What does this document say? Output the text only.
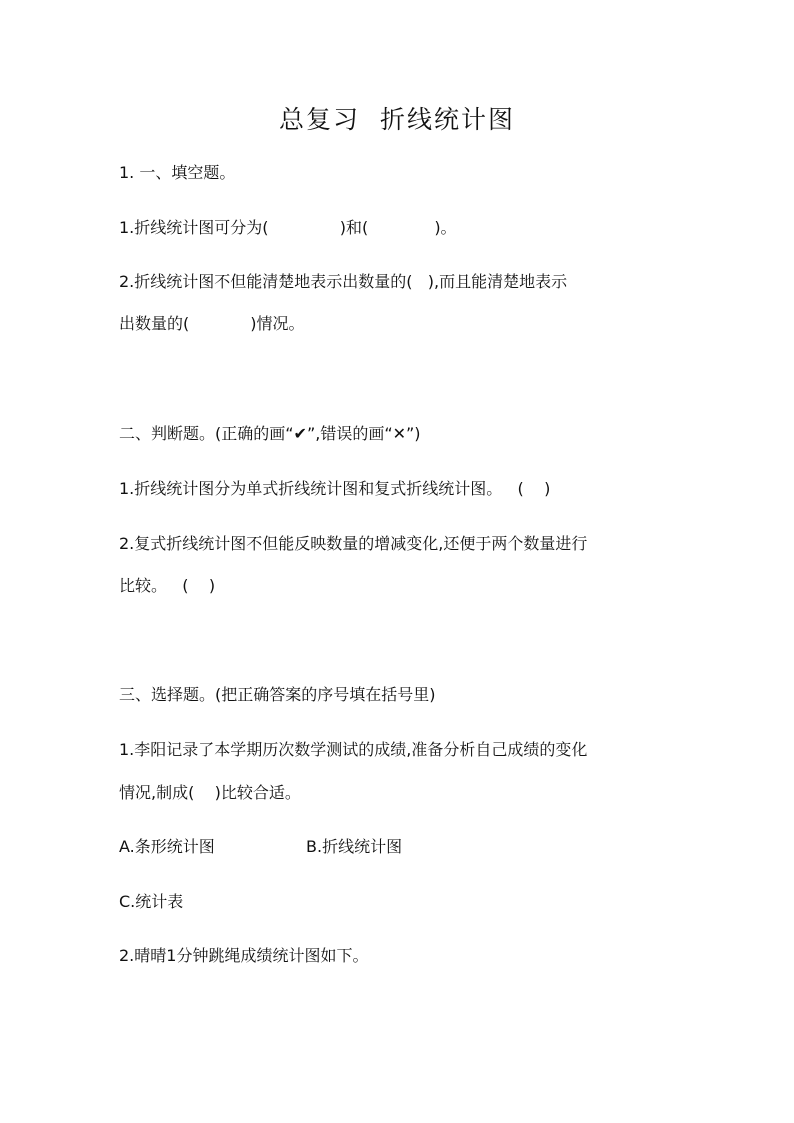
总复习  折线统计图
1. 一、填空题。
1.折线统计图可分为(              )和(             )。
2.折线统计图不但能清楚地表示出数量的(   ),而且能清楚地表示
出数量的(            )情况。
二、判断题。(正确的画“✔”,错误的画“✕”)
1.折线统计图分为单式折线统计图和复式折线统计图。   (    )
2.复式折线统计图不但能反映数量的增减变化,还便于两个数量进行
比较。   (    )
三、选择题。(把正确答案的序号填在括号里)
1.李阳记录了本学期历次数学测试的成绩,准备分析自己成绩的变化
情况,制成(    )比较合适。
A.条形统计图	B.折线统计图
C.统计表
2.晴晴1分钟跳绳成绩统计图如下。
